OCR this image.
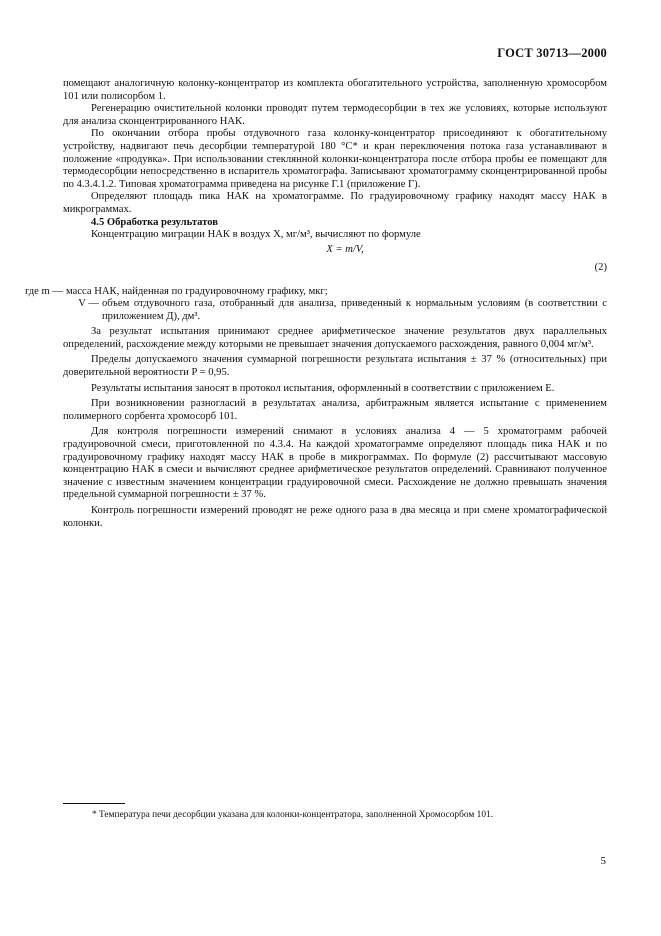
ГОСТ 30713—2000

помещают аналогичную колонку-концентратор из комплекта обогатительного устройства, заполненную хромосорбом 101 или полисорбом 1.

Регенерацию очистительной колонки проводят путем термодесорбции в тех же условиях, которые используют для анализа сконцентрированного НАК.

По окончании отбора пробы отдувочного газа колонку-концентратор присоединяют к обогатительному устройству, надвигают печь десорбции температурой 180 °С* и кран переключения потока газа устанавливают в положение «продувка». При использовании стеклянной колонки-концентратора после отбора пробы ее помещают для термодесорбции непосредственно в испаритель хроматографа. Записывают хроматограмму сконцентрированной пробы по 4.3.4.1.2. Типовая хроматограмма приведена на рисунке Г.1 (приложение Г).

Определяют площадь пика НАК на хроматограмме. По градуировочному графику находят массу НАК в микрограммах.

4.5 Обработка результатов

Концентрацию миграции НАК в воздух X, мг/м³, вычисляют по формуле

X = m/V,

(2)

где m — масса НАК, найденная по градуировочному графику, мкг;
V — объем отдувочного газа, отобранный для анализа, приведенный к нормальным условиям (в соответствии с приложением Д), дм³.

За результат испытания принимают среднее арифметическое значение результатов двух параллельных определений, расхождение между которыми не превышает значения допускаемого расхождения, равного 0,004 мг/м³.

Пределы допускаемого значения суммарной погрешности результата испытания ± 37 % (относительных) при доверительной вероятности P = 0,95.

Результаты испытания заносят в протокол испытания, оформленный в соответствии с приложением Е.

При возникновении разногласий в результатах анализа, арбитражным является испытание с применением полимерного сорбента хромосорб 101.

Для контроля погрешности измерений снимают в условиях анализа 4 — 5 хроматограмм рабочей градуировочной смеси, приготовленной по 4.3.4. На каждой хроматограмме определяют площадь пика НАК и по градуировочному графику находят массу НАК в пробе в микрограммах. По формуле (2) рассчитывают массовую концентрацию НАК в смеси и вычисляют среднее арифметическое результатов определений. Сравнивают полученное значение с известным значением концентрации градуировочной смеси. Расхождение не должно превышать значения предельной суммарной погрешности ± 37 %.

Контроль погрешности измерений проводят не реже одного раза в два месяца и при смене хроматографической колонки.

* Температура печи десорбции указана для колонки-концентратора, заполненной Хромосорбом 101.
5
